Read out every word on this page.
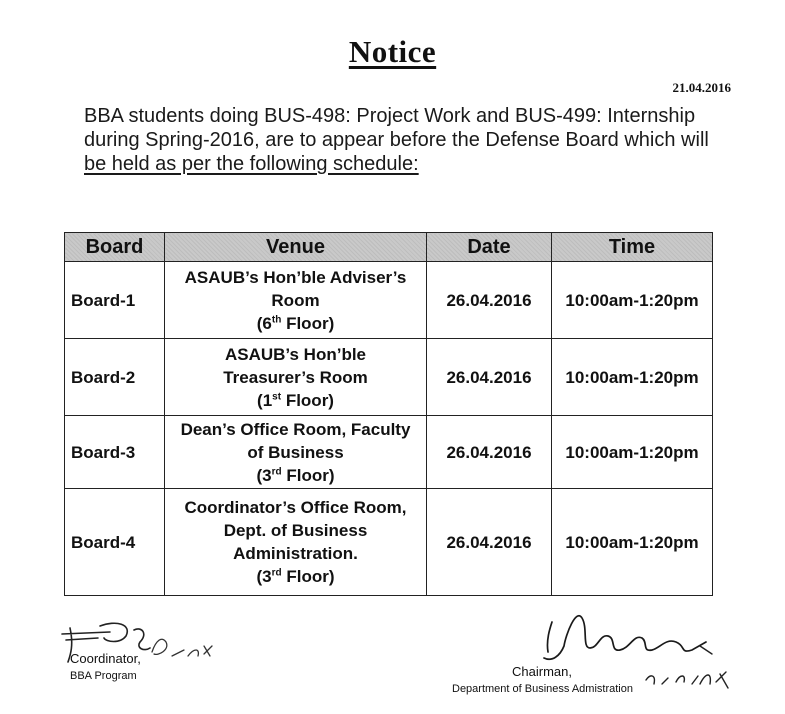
Notice
21.04.2016
BBA students doing BUS-498: Project Work and BUS-499: Internship
during Spring-2016, are to appear before the Defense Board which will
be held as per the following schedule:
Board	Venue	Date	Time
Board-1	ASAUB’s Hon’ble Adviser’s
Room
(6th Floor)	26.04.2016	10:00am-1:20pm
Board-2	ASAUB’s Hon’ble
Treasurer’s Room
(1st Floor)	26.04.2016	10:00am-1:20pm
Board-3	Dean’s Office Room, Faculty
of Business
(3rd Floor)	26.04.2016	10:00am-1:20pm
Board-4	Coordinator’s Office Room,
Dept. of Business
Administration.
(3rd Floor)	26.04.2016	10:00am-1:20pm
Coordinator,
BBA Program	Chairman,
Department of Business Admistration
